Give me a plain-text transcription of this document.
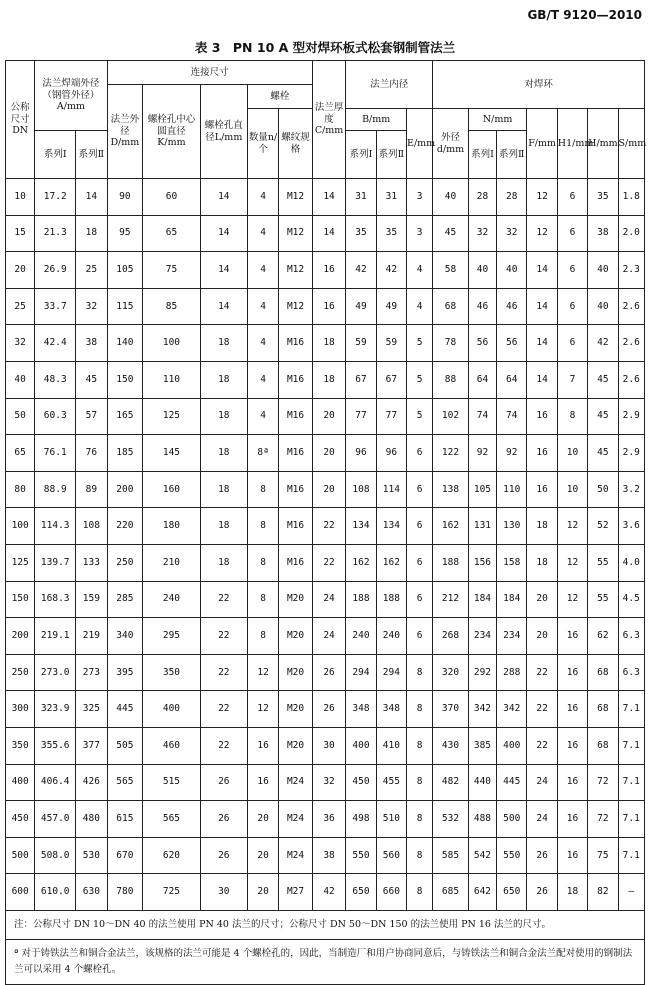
GB/T 9120—2010
表 3　PN 10 A 型对焊环板式松套钢制管法兰
公称尺寸DN	法兰焊端外径（钢管外径）A/mm		连接尺寸					法兰厚度C/mm	法兰内径			对焊环						
			法兰外径D/mm	螺栓孔中心圆直径K/mm	螺栓孔直径L/mm	螺栓												
						数量n/个	螺纹规格		B/mm		E/mm	外径d/mm	N/mm		F/mm	H1/mm	H/mm	S/mm
	系列Ⅰ	系列Ⅱ							系列Ⅰ	系列Ⅱ			系列Ⅰ	系列Ⅱ				
10	17.2	14	90	60	14	4	M12	14	31	31	3	40	28	28	12	6	35	1.8
15	21.3	18	95	65	14	4	M12	14	35	35	3	45	32	32	12	6	38	2.0
20	26.9	25	105	75	14	4	M12	16	42	42	4	58	40	40	14	6	40	2.3
25	33.7	32	115	85	14	4	M12	16	49	49	4	68	46	46	14	6	40	2.6
32	42.4	38	140	100	18	4	M16	18	59	59	5	78	56	56	14	6	42	2.6
40	48.3	45	150	110	18	4	M16	18	67	67	5	88	64	64	14	7	45	2.6
50	60.3	57	165	125	18	4	M16	20	77	77	5	102	74	74	16	8	45	2.9
65	76.1	76	185	145	18	8ª	M16	20	96	96	6	122	92	92	16	10	45	2.9
80	88.9	89	200	160	18	8	M16	20	108	114	6	138	105	110	16	10	50	3.2
100	114.3	108	220	180	18	8	M16	22	134	134	6	162	131	130	18	12	52	3.6
125	139.7	133	250	210	18	8	M16	22	162	162	6	188	156	158	18	12	55	4.0
150	168.3	159	285	240	22	8	M20	24	188	188	6	212	184	184	20	12	55	4.5
200	219.1	219	340	295	22	8	M20	24	240	240	6	268	234	234	20	16	62	6.3
250	273.0	273	395	350	22	12	M20	26	294	294	8	320	292	288	22	16	68	6.3
300	323.9	325	445	400	22	12	M20	26	348	348	8	370	342	342	22	16	68	7.1
350	355.6	377	505	460	22	16	M20	30	400	410	8	430	385	400	22	16	68	7.1
400	406.4	426	565	515	26	16	M24	32	450	455	8	482	440	445	24	16	72	7.1
450	457.0	480	615	565	26	20	M24	36	498	510	8	532	488	500	24	16	72	7.1
500	508.0	530	670	620	26	20	M24	38	550	560	8	585	542	550	26	16	75	7.1
600	610.0	630	780	725	30	20	M27	42	650	660	8	685	642	650	26	18	82	—
注：公称尺寸 DN 10～DN 40 的法兰使用 PN 40 法兰的尺寸；公称尺寸 DN 50～DN 150 的法兰使用 PN 16 法兰的尺寸。																		
ª 对于铸铁法兰和铜合金法兰，该规格的法兰可能是 4 个螺栓孔的，因此，当制造厂和用户协商同意后，与铸铁法兰和铜合金法兰配对使用的钢制法兰可以采用 4 个螺栓孔。																		
